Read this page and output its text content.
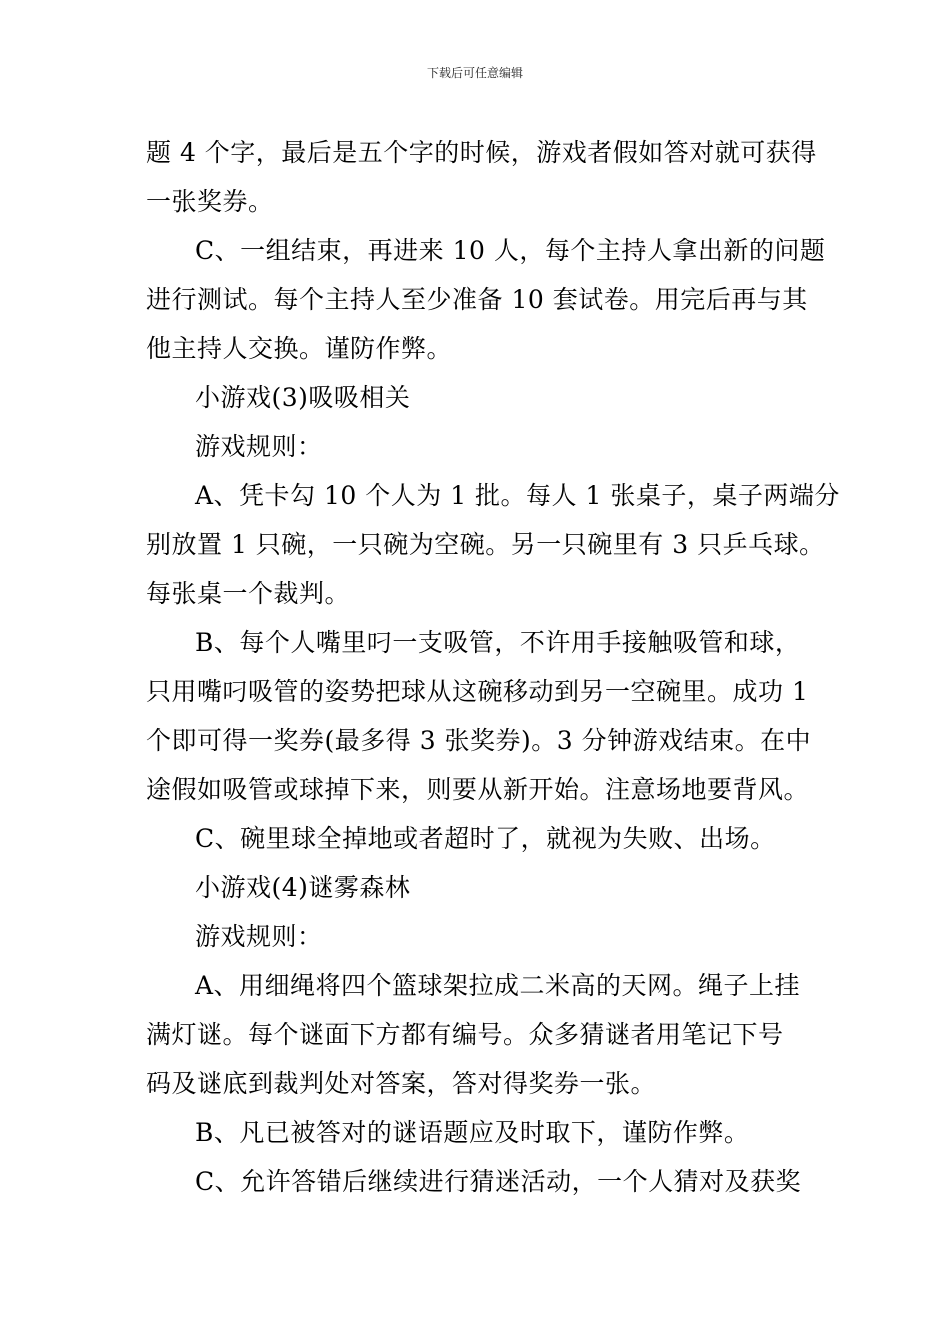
下载后可任意编辑

题 4 个字，最后是五个字的时候，游戏者假如答对就可获得

一张奖券。

C、一组结束，再进来 10 人，每个主持人拿出新的问题

进行测试。每个主持人至少准备 10 套试卷。用完后再与其

他主持人交换。谨防作弊。

小游戏(3)吸吸相关

游戏规则：

A、凭卡勾 10 个人为 1 批。每人 1 张桌子，桌子两端分

别放置 1 只碗，一只碗为空碗。另一只碗里有 3 只乒乓球。

每张桌一个裁判。

B、每个人嘴里叼一支吸管，不许用手接触吸管和球，

只用嘴叼吸管的姿势把球从这碗移动到另一空碗里。成功 1

个即可得一奖券(最多得 3 张奖券)。3 分钟游戏结束。在中

途假如吸管或球掉下来，则要从新开始。注意场地要背风。

C、碗里球全掉地或者超时了，就视为失败、出场。

小游戏(4)谜雾森林

游戏规则：

A、用细绳将四个篮球架拉成二米高的天网。绳子上挂

满灯谜。每个谜面下方都有编号。众多猜谜者用笔记下号

码及谜底到裁判处对答案，答对得奖券一张。

B、凡已被答对的谜语题应及时取下，谨防作弊。

C、允许答错后继续进行猜迷活动，一个人猜对及获奖
